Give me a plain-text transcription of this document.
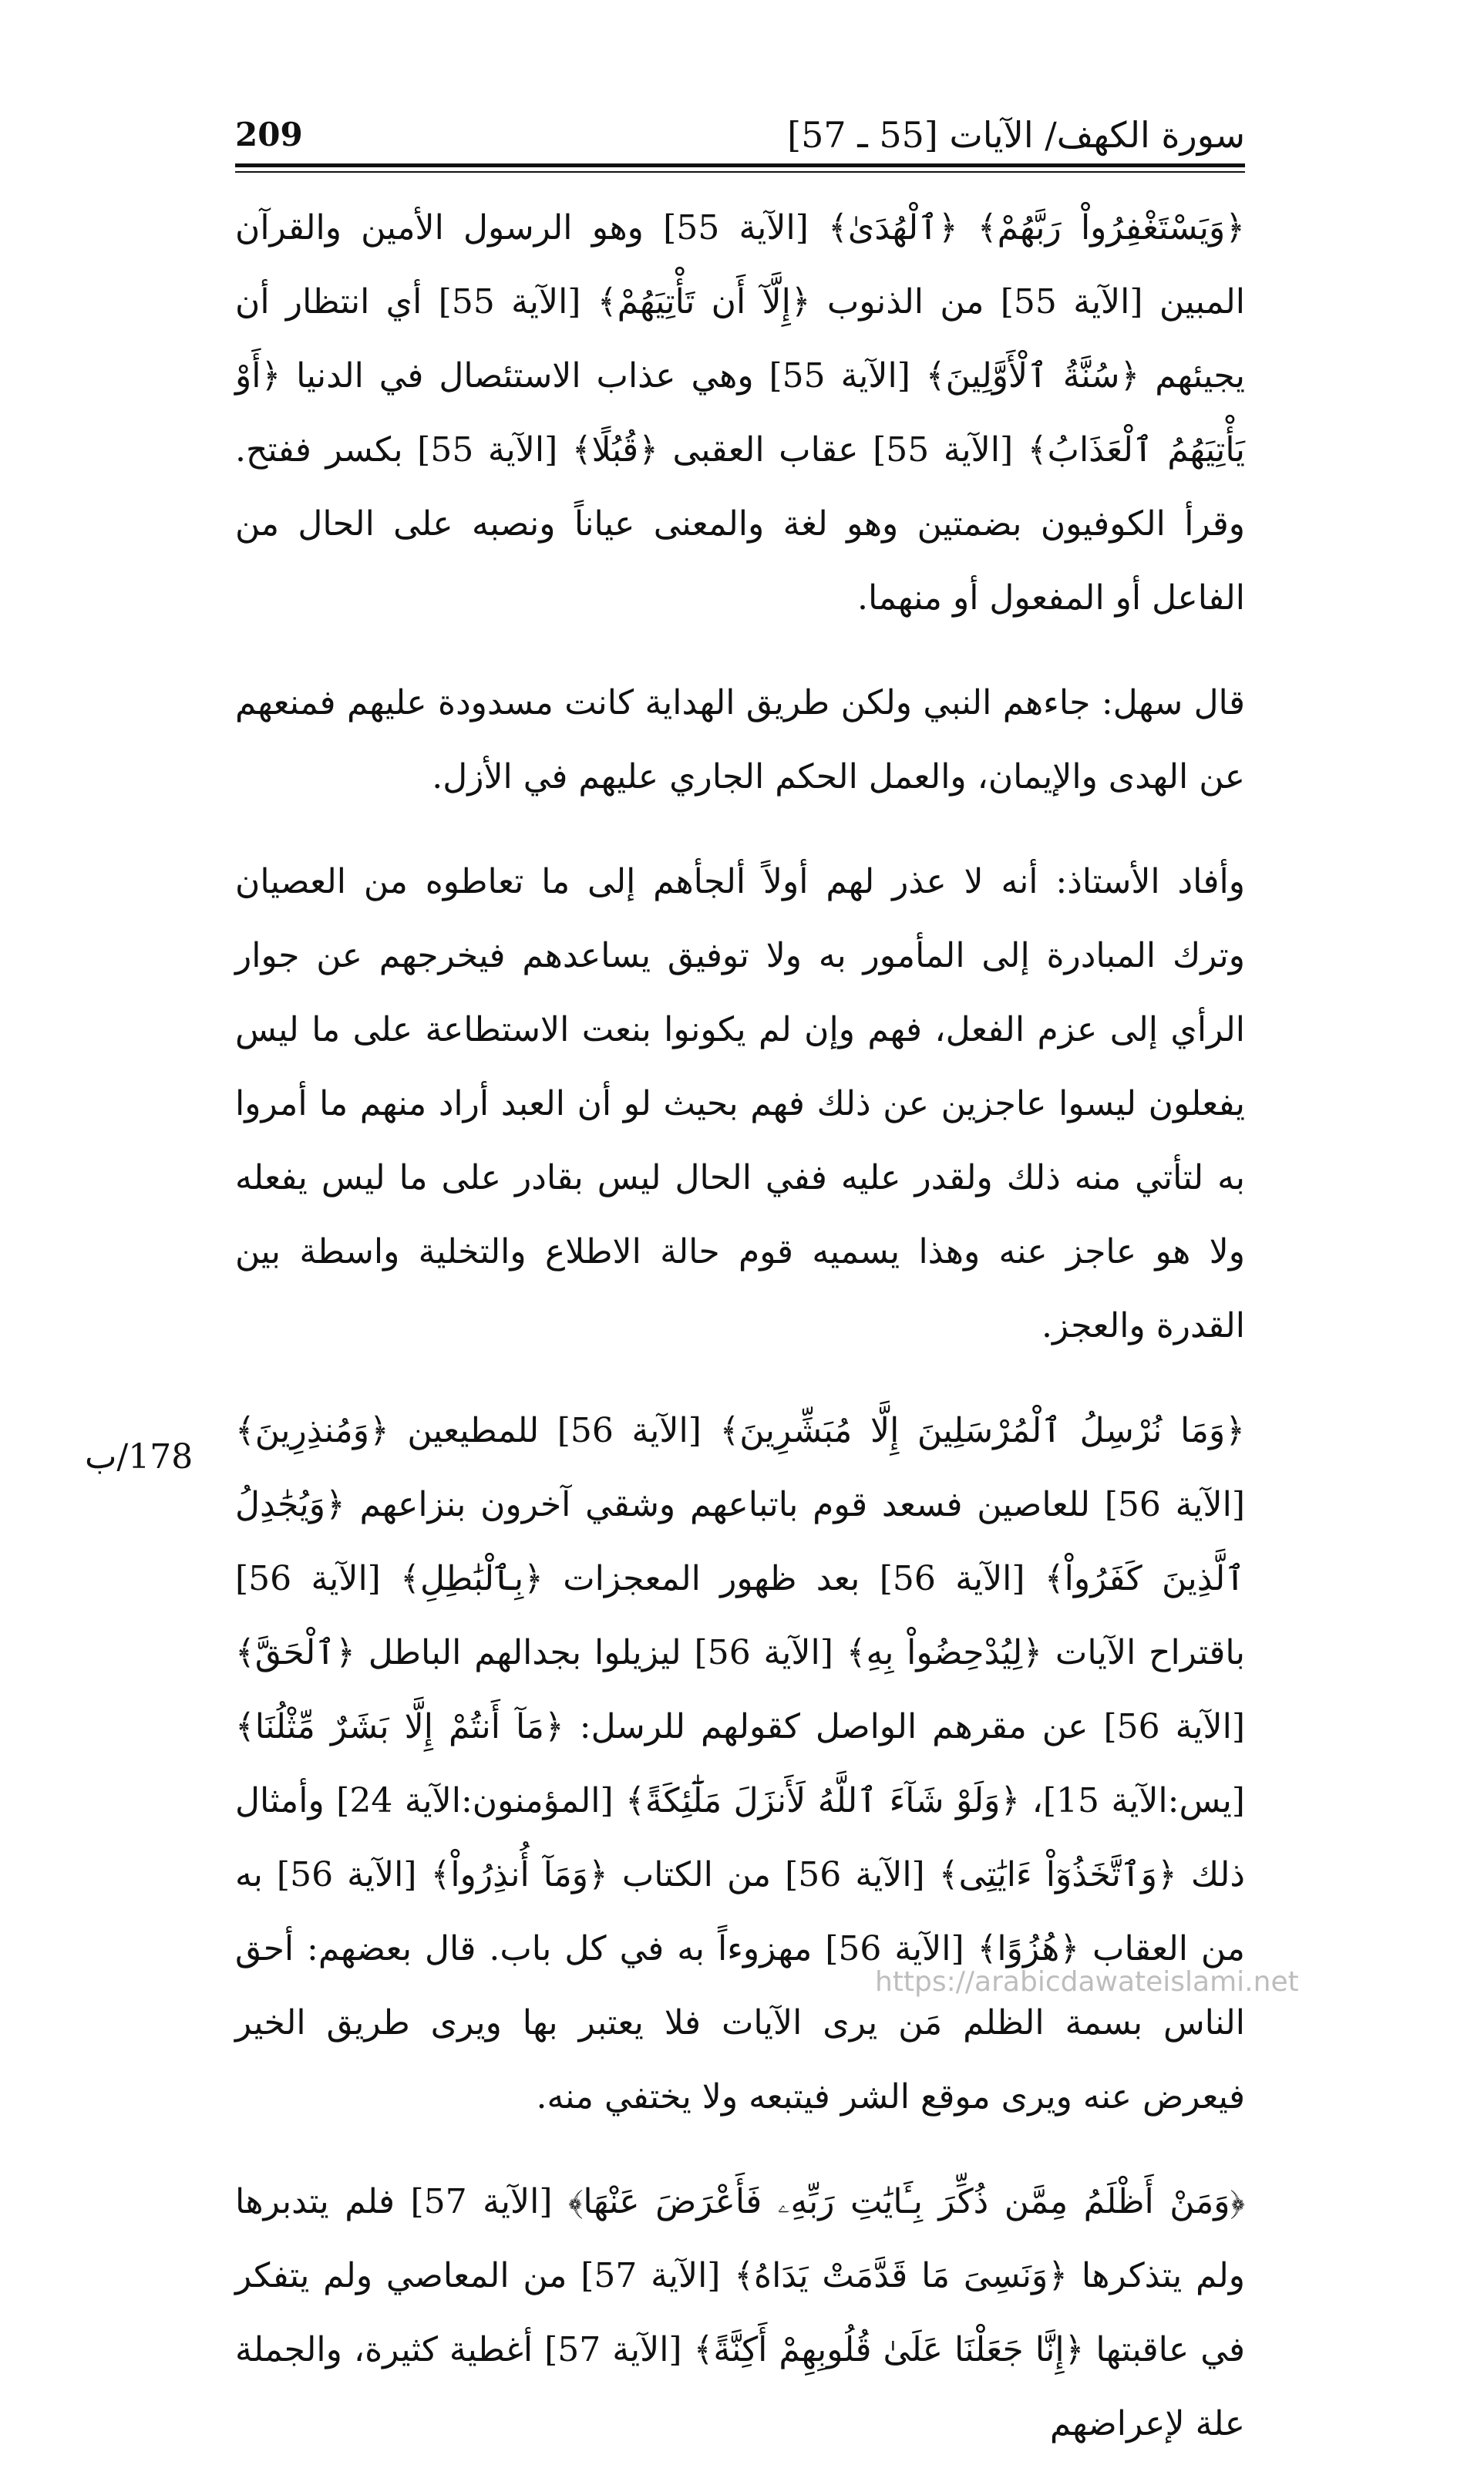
سورة الكهف/ الآيات [55 ـ 57]
209

﴿وَيَسْتَغْفِرُواْ رَبَّهُمْ﴾ ﴿ٱلْهُدَىٰ﴾ [الآية 55] وهو الرسول الأمين والقرآن المبين [الآية 55] من الذنوب ﴿إِلَّآ أَن تَأْتِيَهُمْ﴾ [الآية 55] أي انتظار أن يجيئهم ﴿سُنَّةُ ٱلْأَوَّلِينَ﴾ [الآية 55] وهي عذاب الاستئصال في الدنيا ﴿أَوْ يَأْتِيَهُمُ ٱلْعَذَابُ﴾ [الآية 55] عقاب العقبى ﴿قُبُلًا﴾ [الآية 55] بكسر ففتح. وقرأ الكوفيون بضمتين وهو لغة والمعنى عياناً ونصبه على الحال من الفاعل أو المفعول أو منهما.

قال سهل: جاءهم النبي ولكن طريق الهداية كانت مسدودة عليهم فمنعهم عن الهدى والإيمان، والعمل الحكم الجاري عليهم في الأزل.

وأفاد الأستاذ: أنه لا عذر لهم أولاً ألجأهم إلى ما تعاطوه من العصيان وترك المبادرة إلى المأمور به ولا توفيق يساعدهم فيخرجهم عن جوار الرأي إلى عزم الفعل، فهم وإن لم يكونوا بنعت الاستطاعة على ما ليس يفعلون ليسوا عاجزين عن ذلك فهم بحيث لو أن العبد أراد منهم ما أمروا به لتأتي منه ذلك ولقدر عليه ففي الحال ليس بقادر على ما ليس يفعله ولا هو عاجز عنه وهذا يسميه قوم حالة الاطلاع والتخلية واسطة بين القدرة والعجز.

﴿وَمَا نُرْسِلُ ٱلْمُرْسَلِينَ إِلَّا مُبَشِّرِينَ﴾ [الآية 56] للمطيعين ﴿وَمُنذِرِينَ﴾ [الآية 56] للعاصين فسعد قوم باتباعهم وشقي آخرون بنزاعهم ﴿وَيُجَٰدِلُ ٱلَّذِينَ كَفَرُواْ﴾ [الآية 56] بعد ظهور المعجزات ﴿بِٱلْبَٰطِلِ﴾ [الآية 56] باقتراح الآيات ﴿لِيُدْحِضُواْ بِهِ﴾ [الآية 56] ليزيلوا بجدالهم الباطل ﴿ٱلْحَقَّ﴾ [الآية 56] عن مقرهم الواصل كقولهم للرسل: ﴿مَآ أَنتُمْ إِلَّا بَشَرٌ مِّثْلُنَا﴾ [يس:الآية 15]، ﴿وَلَوْ شَآءَ ٱللَّهُ لَأَنزَلَ مَلَٰٓئِكَةً﴾ [المؤمنون:الآية 24] وأمثال ذلك ﴿وَٱتَّخَذُوٓاْ ءَايَٰتِى﴾ [الآية 56] من الكتاب ﴿وَمَآ أُنذِرُواْ﴾ [الآية 56] به من العقاب ﴿هُزُوًا﴾ [الآية 56] مهزوءاً به في كل باب. قال بعضهم: أحق الناس بسمة الظلم مَن يرى الآيات فلا يعتبر بها ويرى طريق الخير فيعرض عنه ويرى موقع الشر فيتبعه ولا يختفي منه.

﴿وَمَنْ أَظْلَمُ مِمَّن ذُكِّرَ بِـَٔايَٰتِ رَبِّهِۦ فَأَعْرَضَ عَنْهَا﴾ [الآية 57] فلم يتدبرها ولم يتذكرها ﴿وَنَسِىَ مَا قَدَّمَتْ يَدَاهُ﴾ [الآية 57] من المعاصي ولم يتفكر في عاقبتها ﴿إِنَّا جَعَلْنَا عَلَىٰ قُلُوبِهِمْ أَكِنَّةً﴾ [الآية 57] أغطية كثيرة، والجملة علة لإعراضهم

178/ب
https://arabicdawateislami.net
